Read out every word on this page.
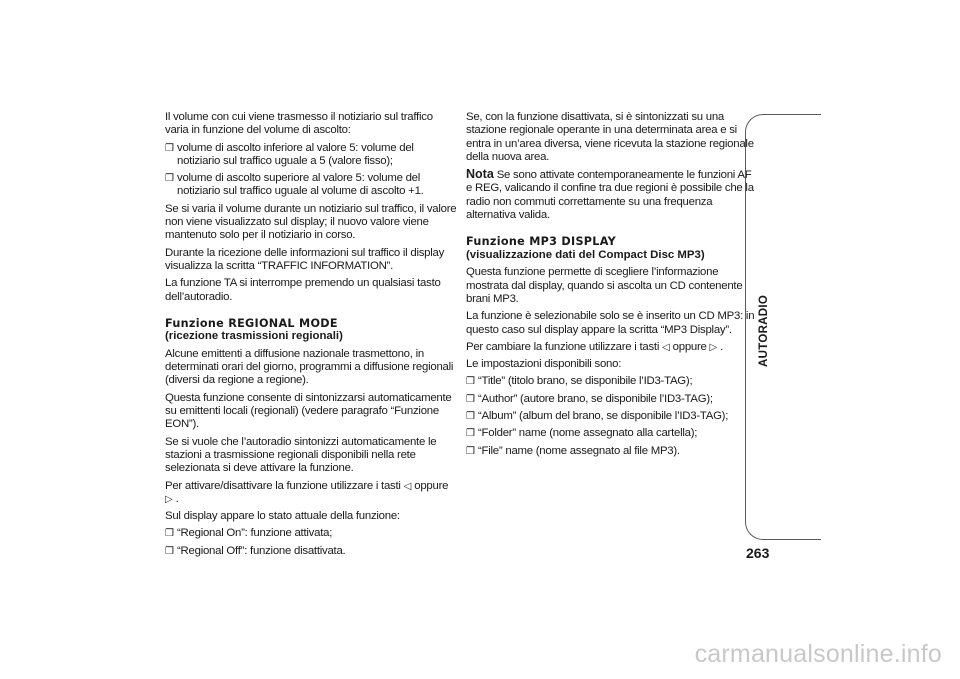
Il volume con cui viene trasmesso il notiziario sul traffico varia in funzione del volume di ascolto:

❒ volume di ascolto inferiore al valore 5: volume del notiziario sul traffico uguale a 5 (valore fisso);
❒ volume di ascolto superiore al valore 5: volume del notiziario sul traffico uguale al volume di ascolto +1.

Se si varia il volume durante un notiziario sul traffico, il valore non viene visualizzato sul display; il nuovo valore viene mantenuto solo per il notiziario in corso.

Durante la ricezione delle informazioni sul traffico il display visualizza la scritta “TRAFFIC INFORMATION”.

La funzione TA si interrompe premendo un qualsiasi tasto dell’autoradio.

Funzione REGIONAL MODE
(ricezione trasmissioni regionali)

Alcune emittenti a diffusione nazionale trasmettono, in determinati orari del giorno, programmi a diffusione regionali (diversi da regione a regione).

Questa funzione consente di sintonizzarsi automaticamente su emittenti locali (regionali) (vedere paragrafo “Funzione EON”).

Se si vuole che l’autoradio sintonizzi automaticamente le stazioni a trasmissione regionali disponibili nella rete selezionata si deve attivare la funzione.

Per attivare/disattivare la funzione utilizzare i tasti ◁ oppure ▷ .

Sul display appare lo stato attuale della funzione:

❒ “Regional On”: funzione attivata;
❒ “Regional Off”: funzione disattivata.

Se, con la funzione disattivata, si è sintonizzati su una stazione regionale operante in una determinata area e si entra in un’area diversa, viene ricevuta la stazione regionale della nuova area.

Nota Se sono attivate contemporaneamente le funzioni AF e REG, valicando il confine tra due regioni è possibile che la radio non commuti correttamente su una frequenza alternativa valida.

Funzione MP3 DISPLAY
(visualizzazione dati del Compact Disc MP3)

Questa funzione permette di scegliere l’informazione mostrata dal display, quando si ascolta un CD contenente brani MP3.

La funzione è selezionabile solo se è inserito un CD MP3: in questo caso sul display appare la scritta “MP3 Display”.

Per cambiare la funzione utilizzare i tasti ◁ oppure ▷ .

Le impostazioni disponibili sono:

❒ “Title” (titolo brano, se disponibile l’ID3-TAG);
❒ “Author” (autore brano, se disponibile l’ID3-TAG);
❒ “Album” (album del brano, se disponibile l’ID3-TAG);
❒ “Folder” name (nome assegnato alla cartella);
❒ “File” name (nome assegnato al file MP3).
AUTORADIO
263
carmanualsonline.info
